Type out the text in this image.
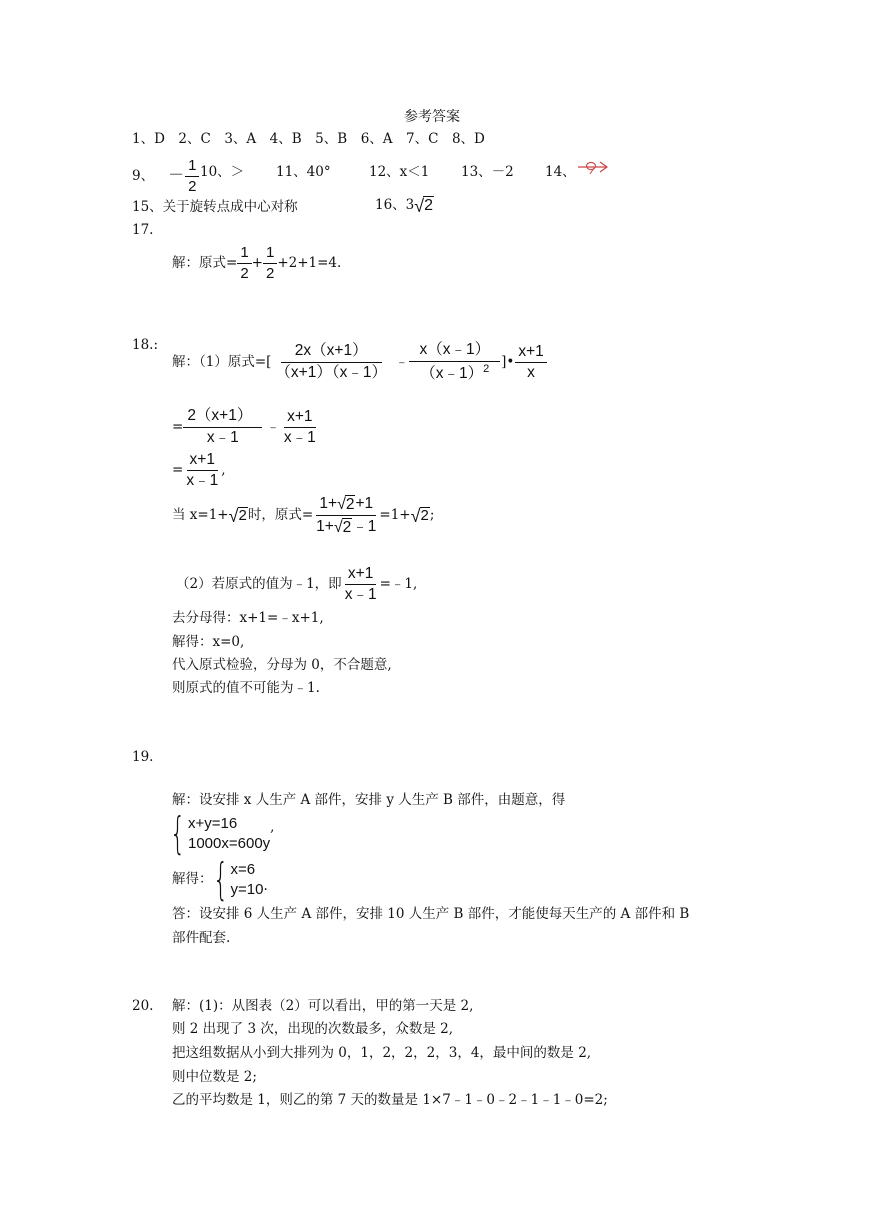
参考答案
1、D　2、C　3、A　4、B　5、B　6、A　7、C　8、D
9、 － $\frac{1}{2} 10$、＞ 11、40°	12、x＜1 13、－2 14、
15、关于旋转点成中心对称	16、3 √ 2
17.
解：原式= $\frac{1}{2} + \frac{1}{2} +2+1=4$.
18.:
解：（1）原式=[ $\frac{2x(x+1)}{(x+1)(x﹣1)}$ ﹣ $\frac{x(x﹣1)}{(x﹣1)^2}$ ]• $\frac{x+1}{x}$
= $\frac{2(x+1)}{x﹣1}$ ﹣ $\frac{x+1}{x﹣1}$
= $\frac{x+1}{x﹣1}$ ,
当 x=1+ √ 2 时，原式= $\frac{1+ √ 2 +1}{1+ √ 2 ﹣1} =1+$ √ 2 ;
（2）若原式的值为﹣1，即 $\frac{x+1}{x﹣1}$ =﹣1,
去分母得：x+1=﹣x+1,
解得：x=0,
代入原式检验，分母为 0，不合题意,
则原式的值不可能为﹣1.
19.
解：设安排 x 人生产 A 部件，安排 y 人生产 B 部件，由题意，得
{ x+y=16
1000x=600y
,
解得： { x=6
y=10 .
答：设安排 6 人生产 A 部件，安排 10 人生产 B 部件，才能使每天生产的 A 部件和 B
部件配套.
20. 解：(1)：从图表（2）可以看出，甲的第一天是 2,
则 2 出现了 3 次，出现的次数最多，众数是 2,
把这组数据从小到大排列为 0，1，2，2，2，3，4，最中间的数是 2,
则中位数是 2;
乙的平均数是 1，则乙的第 7 天的数量是 1×7﹣1﹣0﹣2﹣1﹣1﹣0=2;
